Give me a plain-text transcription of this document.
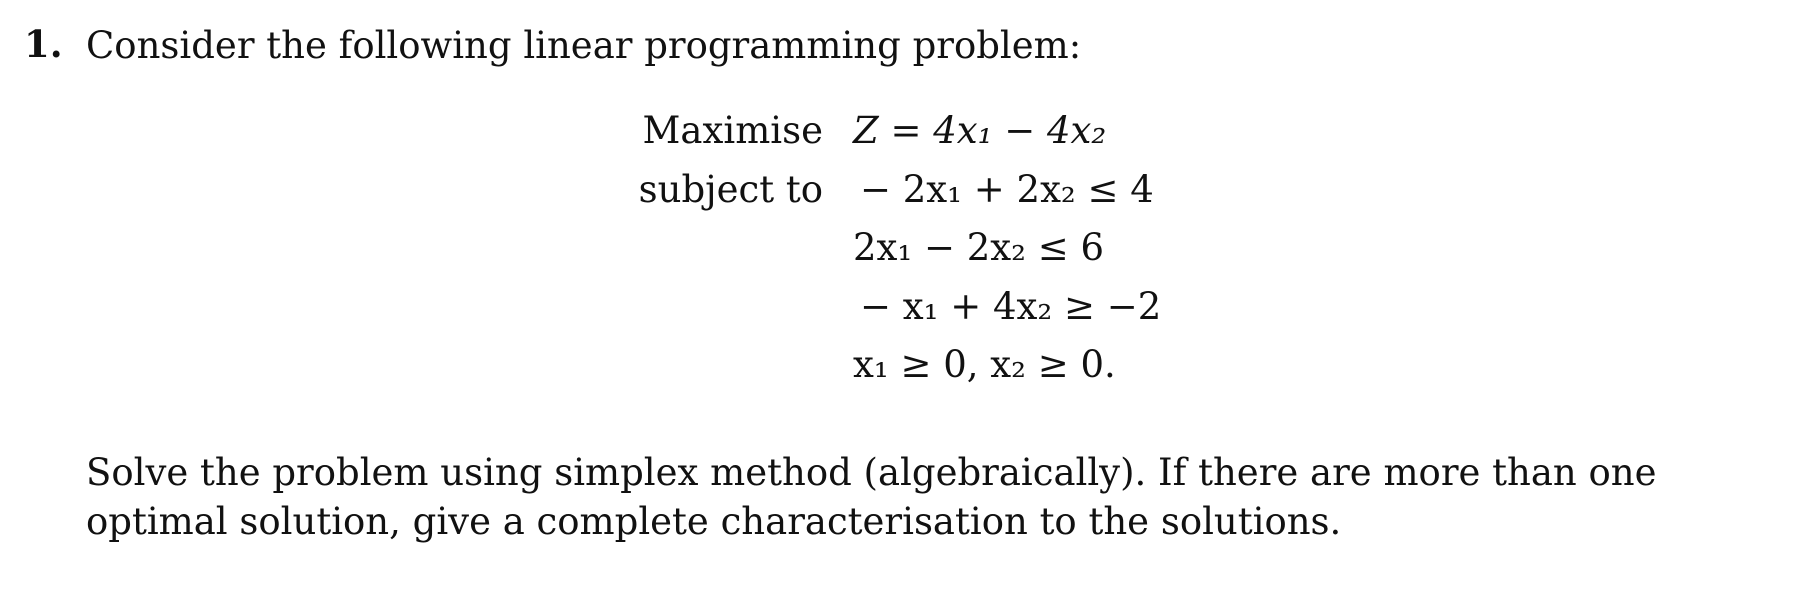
1. Consider the following linear programming problem:
Maximise
subject to
Z = 4x₁ − 4x₂
− 2x₁ + 2x₂ ≤ 4
2x₁ − 2x₂ ≤ 6
− x₁ + 4x₂ ≥ −2
x₁ ≥ 0, x₂ ≥ 0.
Solve the problem using simplex method (algebraically). If there are more than one optimal solution, give a complete characterisation to the solutions.
